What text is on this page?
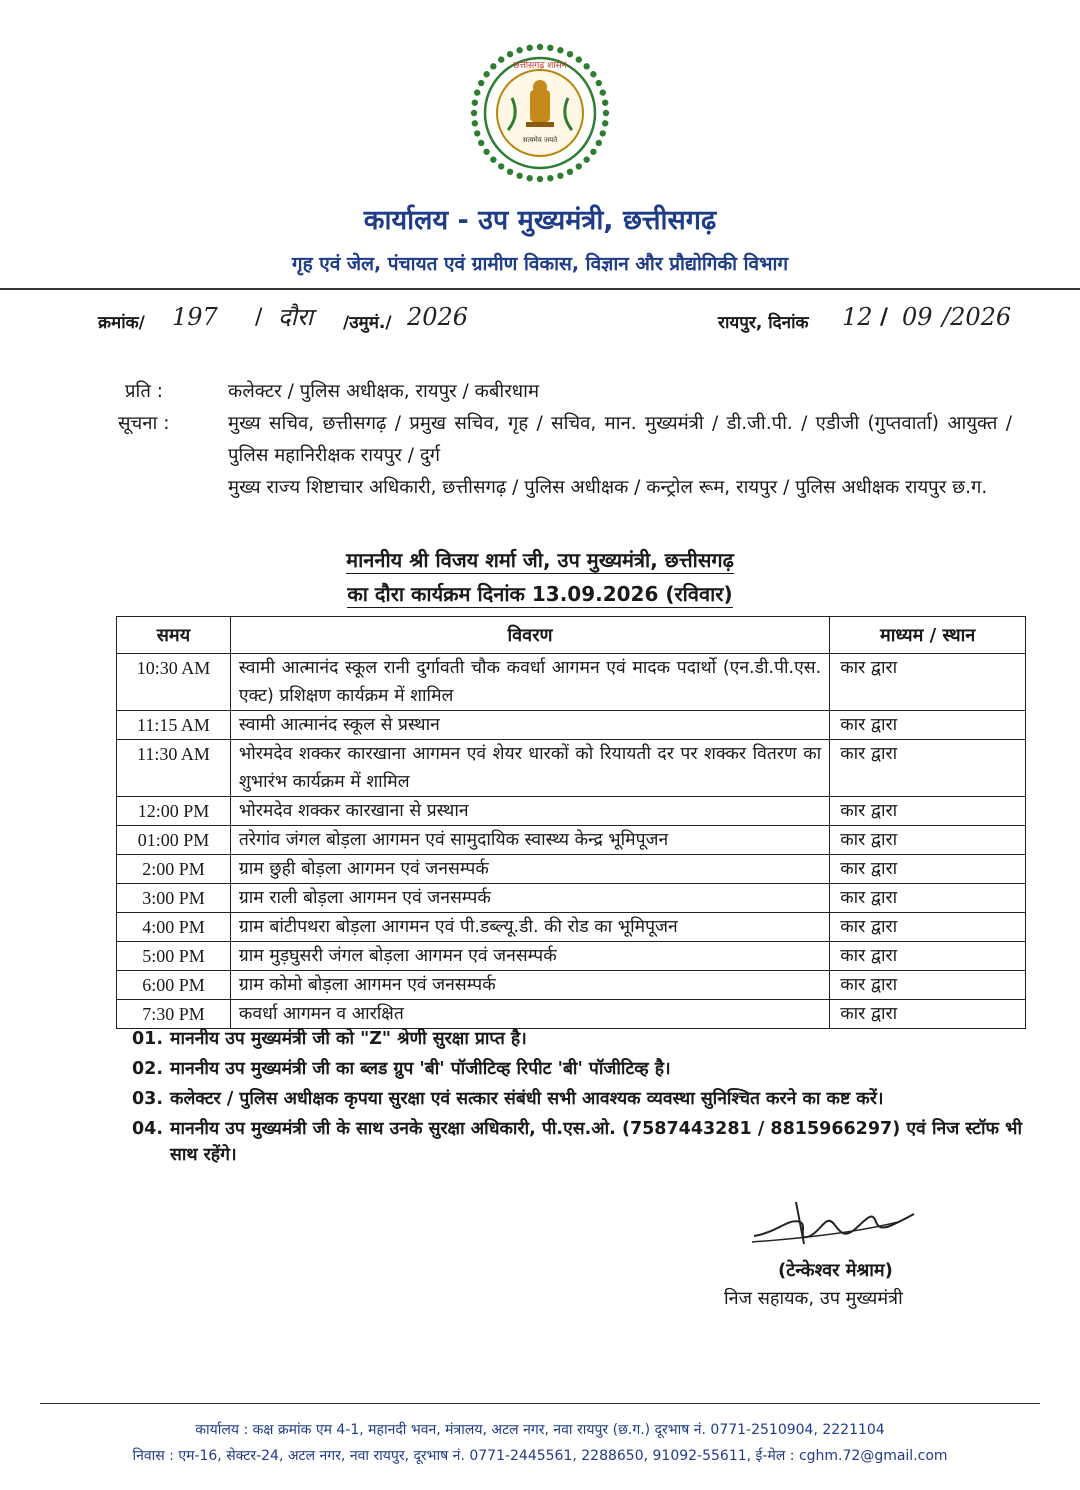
छत्तीसगढ़ शासन
सत्यमेव जयते
कार्यालय - उप मुख्यमंत्री, छत्तीसगढ़
गृह एवं जेल, पंचायत एवं ग्रामीण विकास, विज्ञान और प्रौद्योगिकी विभाग
क्रमांक/ 197 / दौरा /उमुमं./ 2026	रायपुर, दिनांक 12 / 09 /2026
प्रति :	कलेक्टर / पुलिस अधीक्षक, रायपुर / कबीरधाम
सूचना :	मुख्य सचिव, छत्तीसगढ़ / प्रमुख सचिव, गृह / सचिव, मान. मुख्यमंत्री / डी.जी.पी. / एडीजी (गुप्तवार्ता) आयुक्त / पुलिस महानिरीक्षक रायपुर / दुर्ग
मुख्य राज्य शिष्टाचार अधिकारी, छत्तीसगढ़ / पुलिस अधीक्षक / कन्ट्रोल रूम, रायपुर / पुलिस अधीक्षक रायपुर छ.ग.
माननीय श्री विजय शर्मा जी, उप मुख्यमंत्री, छत्तीसगढ़
का दौरा कार्यक्रम दिनांक 13.09.2026 (रविवार)
समय	विवरण	माध्यम / स्थान
10:30 AM	स्वामी आत्मानंद स्कूल रानी दुर्गावती चौक कवर्धा आगमन एवं मादक पदार्थो (एन.डी.पी.एस. एक्ट) प्रशिक्षण कार्यक्रम में शामिल	कार द्वारा
11:15 AM	स्वामी आत्मानंद स्कूल से प्रस्थान	कार द्वारा
11:30 AM	भोरमदेव शक्कर कारखाना आगमन एवं शेयर धारकों को रियायती दर पर शक्कर वितरण का शुभारंभ कार्यक्रम में शामिल	कार द्वारा
12:00 PM	भोरमदेव शक्कर कारखाना से प्रस्थान	कार द्वारा
01:00 PM	तरेगांव जंगल बोड़ला आगमन एवं सामुदायिक स्वास्थ्य केन्द्र भूमिपूजन	कार द्वारा
2:00 PM	ग्राम छुही बोड़ला आगमन एवं जनसम्पर्क	कार द्वारा
3:00 PM	ग्राम राली बोड़ला आगमन एवं जनसम्पर्क	कार द्वारा
4:00 PM	ग्राम बांटीपथरा बोड़ला आगमन एवं पी.डब्ल्यू.डी. की रोड का भूमिपूजन	कार द्वारा
5:00 PM	ग्राम मुड़घुसरी जंगल बोड़ला आगमन एवं जनसम्पर्क	कार द्वारा
6:00 PM	ग्राम कोमो बोड़ला आगमन एवं जनसम्पर्क	कार द्वारा
7:30 PM	कवर्धा आगमन व आरक्षित	कार द्वारा
01. माननीय उप मुख्यमंत्री जी को "Z" श्रेणी सुरक्षा प्राप्त है।
02. माननीय उप मुख्यमंत्री जी का ब्लड ग्रुप 'बी' पॉजीटिव्ह रिपीट 'बी' पॉजीटिव्ह है।
03. कलेक्टर / पुलिस अधीक्षक कृपया सुरक्षा एवं सत्कार संबंधी सभी आवश्यक व्यवस्था सुनिश्चित करने का कष्ट करें।
04. माननीय उप मुख्यमंत्री जी के साथ उनके सुरक्षा अधिकारी, पी.एस.ओ. (7587443281 / 8815966297) एवं निज स्टॉफ भी साथ रहेंगे।
(टेन्केश्वर मेश्राम)
निज सहायक, उप मुख्यमंत्री
कार्यालय : कक्ष क्रमांक एम 4-1, महानदी भवन, मंत्रालय, अटल नगर, नवा रायपुर (छ.ग.) दूरभाष नं. 0771-2510904, 2221104
निवास : एम-16, सेक्टर-24, अटल नगर, नवा रायपुर, दूरभाष नं. 0771-2445561, 2288650, 91092-55611, ई-मेल : cghm.72@gmail.com
